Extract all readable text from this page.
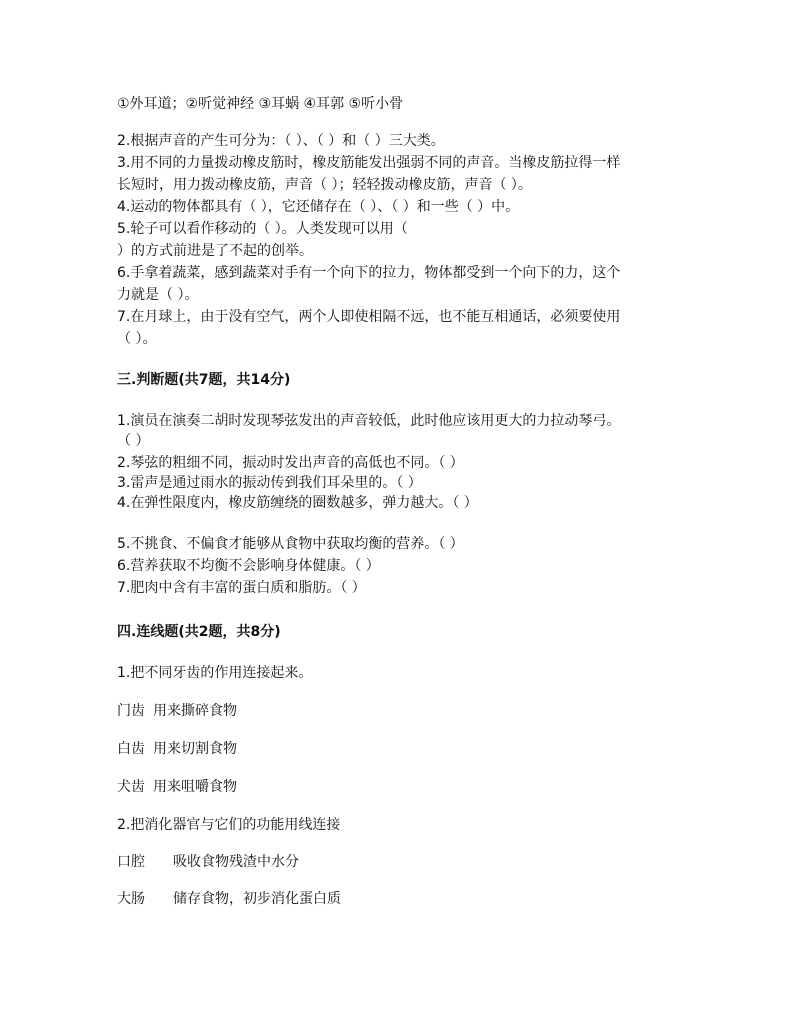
①外耳道；②听觉神经 ③耳蜗 ④耳郭 ⑤听小骨
2.根据声音的产生可分为：（ ）、（ ）和（ ）三大类。
3.用不同的力量拨动橡皮筋时，橡皮筋能发出强弱不同的声音。当橡皮筋拉得一样
长短时，用力拨动橡皮筋，声音（ ）；轻轻拨动橡皮筋，声音（ ）。
4.运动的物体都具有（ ），它还储存在（ ）、（ ）和一些（ ）中。
5.轮子可以看作移动的（ ）。人类发现可以用（
）的方式前进是了不起的创举。
6.手拿着蔬菜，感到蔬菜对手有一个向下的拉力，物体都受到一个向下的力，这个
力就是（ ）。
7.在月球上，由于没有空气，两个人即使相隔不远，也不能互相通话，必须要使用
（ ）。
三.判断题(共7题，共14分)
1.演员在演奏二胡时发现琴弦发出的声音较低，此时他应该用更大的力拉动琴弓。
（ ）
2.琴弦的粗细不同，振动时发出声音的高低也不同。（ ）
3.雷声是通过雨水的振动传到我们耳朵里的。（ ）
4.在弹性限度内，橡皮筋缠绕的圈数越多，弹力越大。（ ）
5.不挑食、不偏食才能够从食物中获取均衡的营养。（ ）
6.营养获取不均衡不会影响身体健康。（ ）
7.肥肉中含有丰富的蛋白质和脂肪。（ ）
四.连线题(共2题，共8分)
1.把不同牙齿的作用连接起来。
门齿 用来撕碎食物
白齿 用来切割食物
犬齿 用来咀嚼食物
2.把消化器官与它们的功能用线连接
口腔 吸收食物残渣中水分
大肠 储存食物，初步消化蛋白质
